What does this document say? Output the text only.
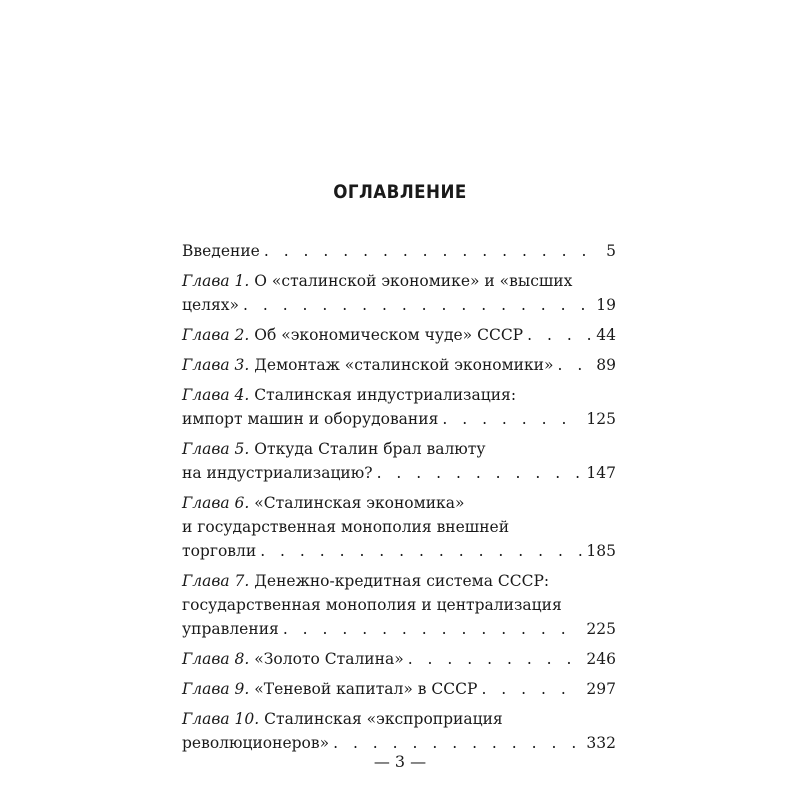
ОГЛАВЛЕНИЕ
Введение . . .	5
Глава 1. О «сталинской экономике» и «высших
целях» . . .	19
Глава 2. Об «экономическом чуде» СССР . . .	44
Глава 3. Демонтаж «сталинской экономики» . . .	89
Глава 4. Сталинская индустриализация:
импорт машин и оборудования . . .	125
Глава 5. Откуда Сталин брал валюту
на индустриализацию? . . .	147
Глава 6. «Сталинская экономика»
и государственная монополия внешней
торговли . . .	185
Глава 7. Денежно-кредитная система СССР:
государственная монополия и централизация
управления . . .	225
Глава 8. «Золото Сталина» . . .	246
Глава 9. «Теневой капитал» в СССР . . .	297
Глава 10. Сталинская «экспроприация
революционеров» . . .	332
— 3 —
